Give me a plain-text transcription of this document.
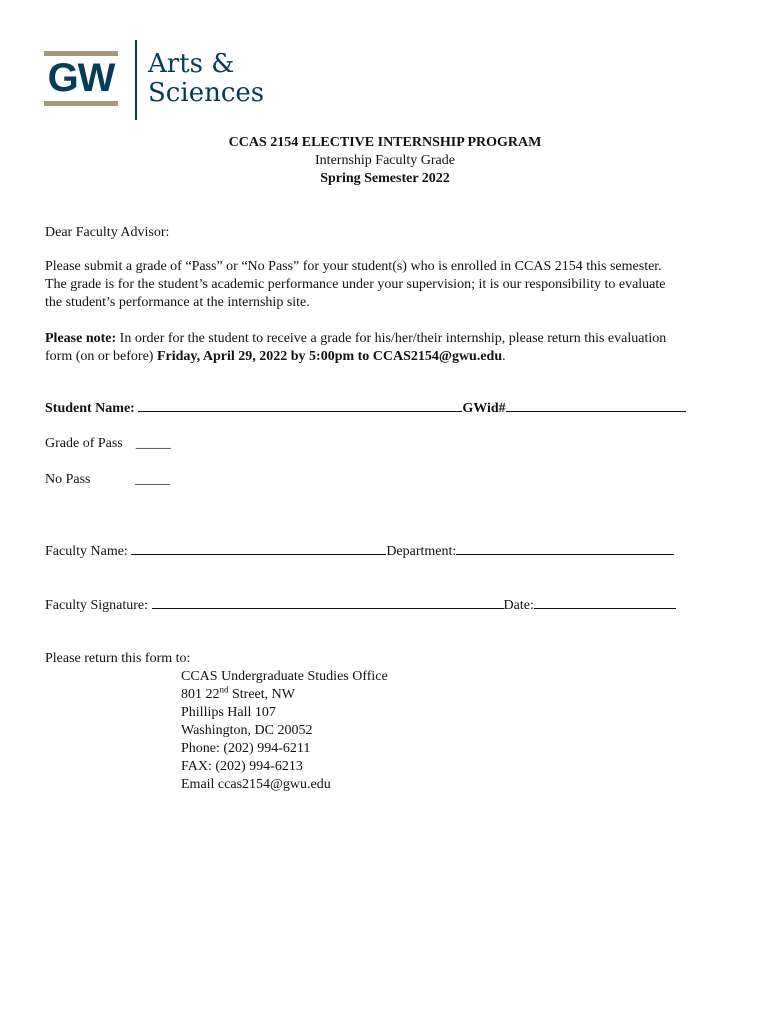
GW Arts &
Sciences
CCAS 2154 ELECTIVE INTERNSHIP PROGRAM
Internship Faculty Grade
Spring Semester 2022
Dear Faculty Advisor:
Please submit a grade of “Pass” or “No Pass” for your student(s) who is enrolled in CCAS 2154 this semester.
The grade is for the student’s academic performance under your supervision; it is our responsibility to evaluate
the student’s performance at the internship site.
Please note: In order for the student to receive a grade for his/her/their internship, please return this evaluation
form (on or before) Friday, April 29, 2022 by 5:00pm to CCAS2154@gwu.edu.
Student Name:	GWid#
Grade of Pass _____
No Pass	_____
Faculty Name:	Department:
Faculty Signature:	Date:
Please return this form to:
CCAS Undergraduate Studies Office
801 22nd Street, NW
Phillips Hall 107
Washington, DC 20052
Phone: (202) 994-6211
FAX: (202) 994-6213
Email ccas2154@gwu.edu
